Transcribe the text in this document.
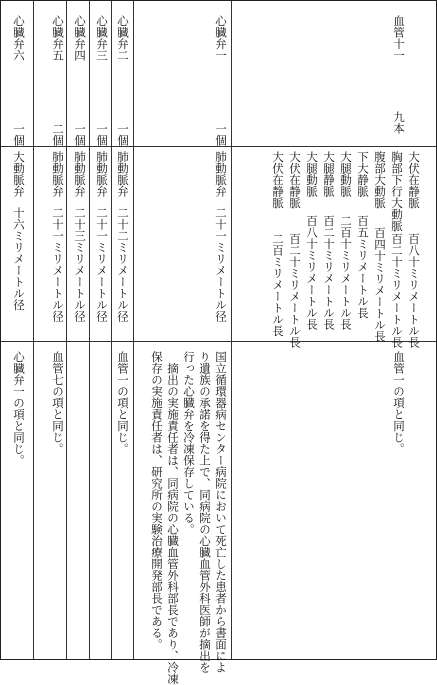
血管十一
九本
大伏在静脈
百八十ミリメートル長
胸部下行大動脈
百二十ミリメートル長
腹部大動脈
百四十ミリメートル長
下大静脈
百五ミリメートル長
大腿動脈
二百十ミリメートル長
大腿静脈
百二十ミリメートル長
大腿動脈
百八十ミリメートル長
大伏在静脈
百二十ミリメートル長
大伏在静脈
二百ミリメートル長
血管一の項と同じ。
心臓弁一
一個
肺動脈弁
二十一ミリメートル径
国立循環器病センター病院において死亡した患者から書面によ
り遺族の承諾を得た上で、同病院の心臓血管外科医師が摘出を
行った心臓弁を冷凍保存している。
　摘出の実施責任者は、同病院の心臓血管外科部長であり、冷凍
保存の実施責任者は、研究所の実験治療開発部長である。
心臓弁二
一個
肺動脈弁
二十二ミリメートル径
血管一の項と同じ。
心臓弁三
一個
肺動脈弁
二十一ミリメートル径
心臓弁四
一個
肺動脈弁
二十三ミリメートル径
心臓弁五
二個
肺動脈弁
二十一ミリメートル径
血管七の項と同じ。
心臓弁六
一個
大動脈弁
十六ミリメートル径
心臓弁一の項と同じ。
